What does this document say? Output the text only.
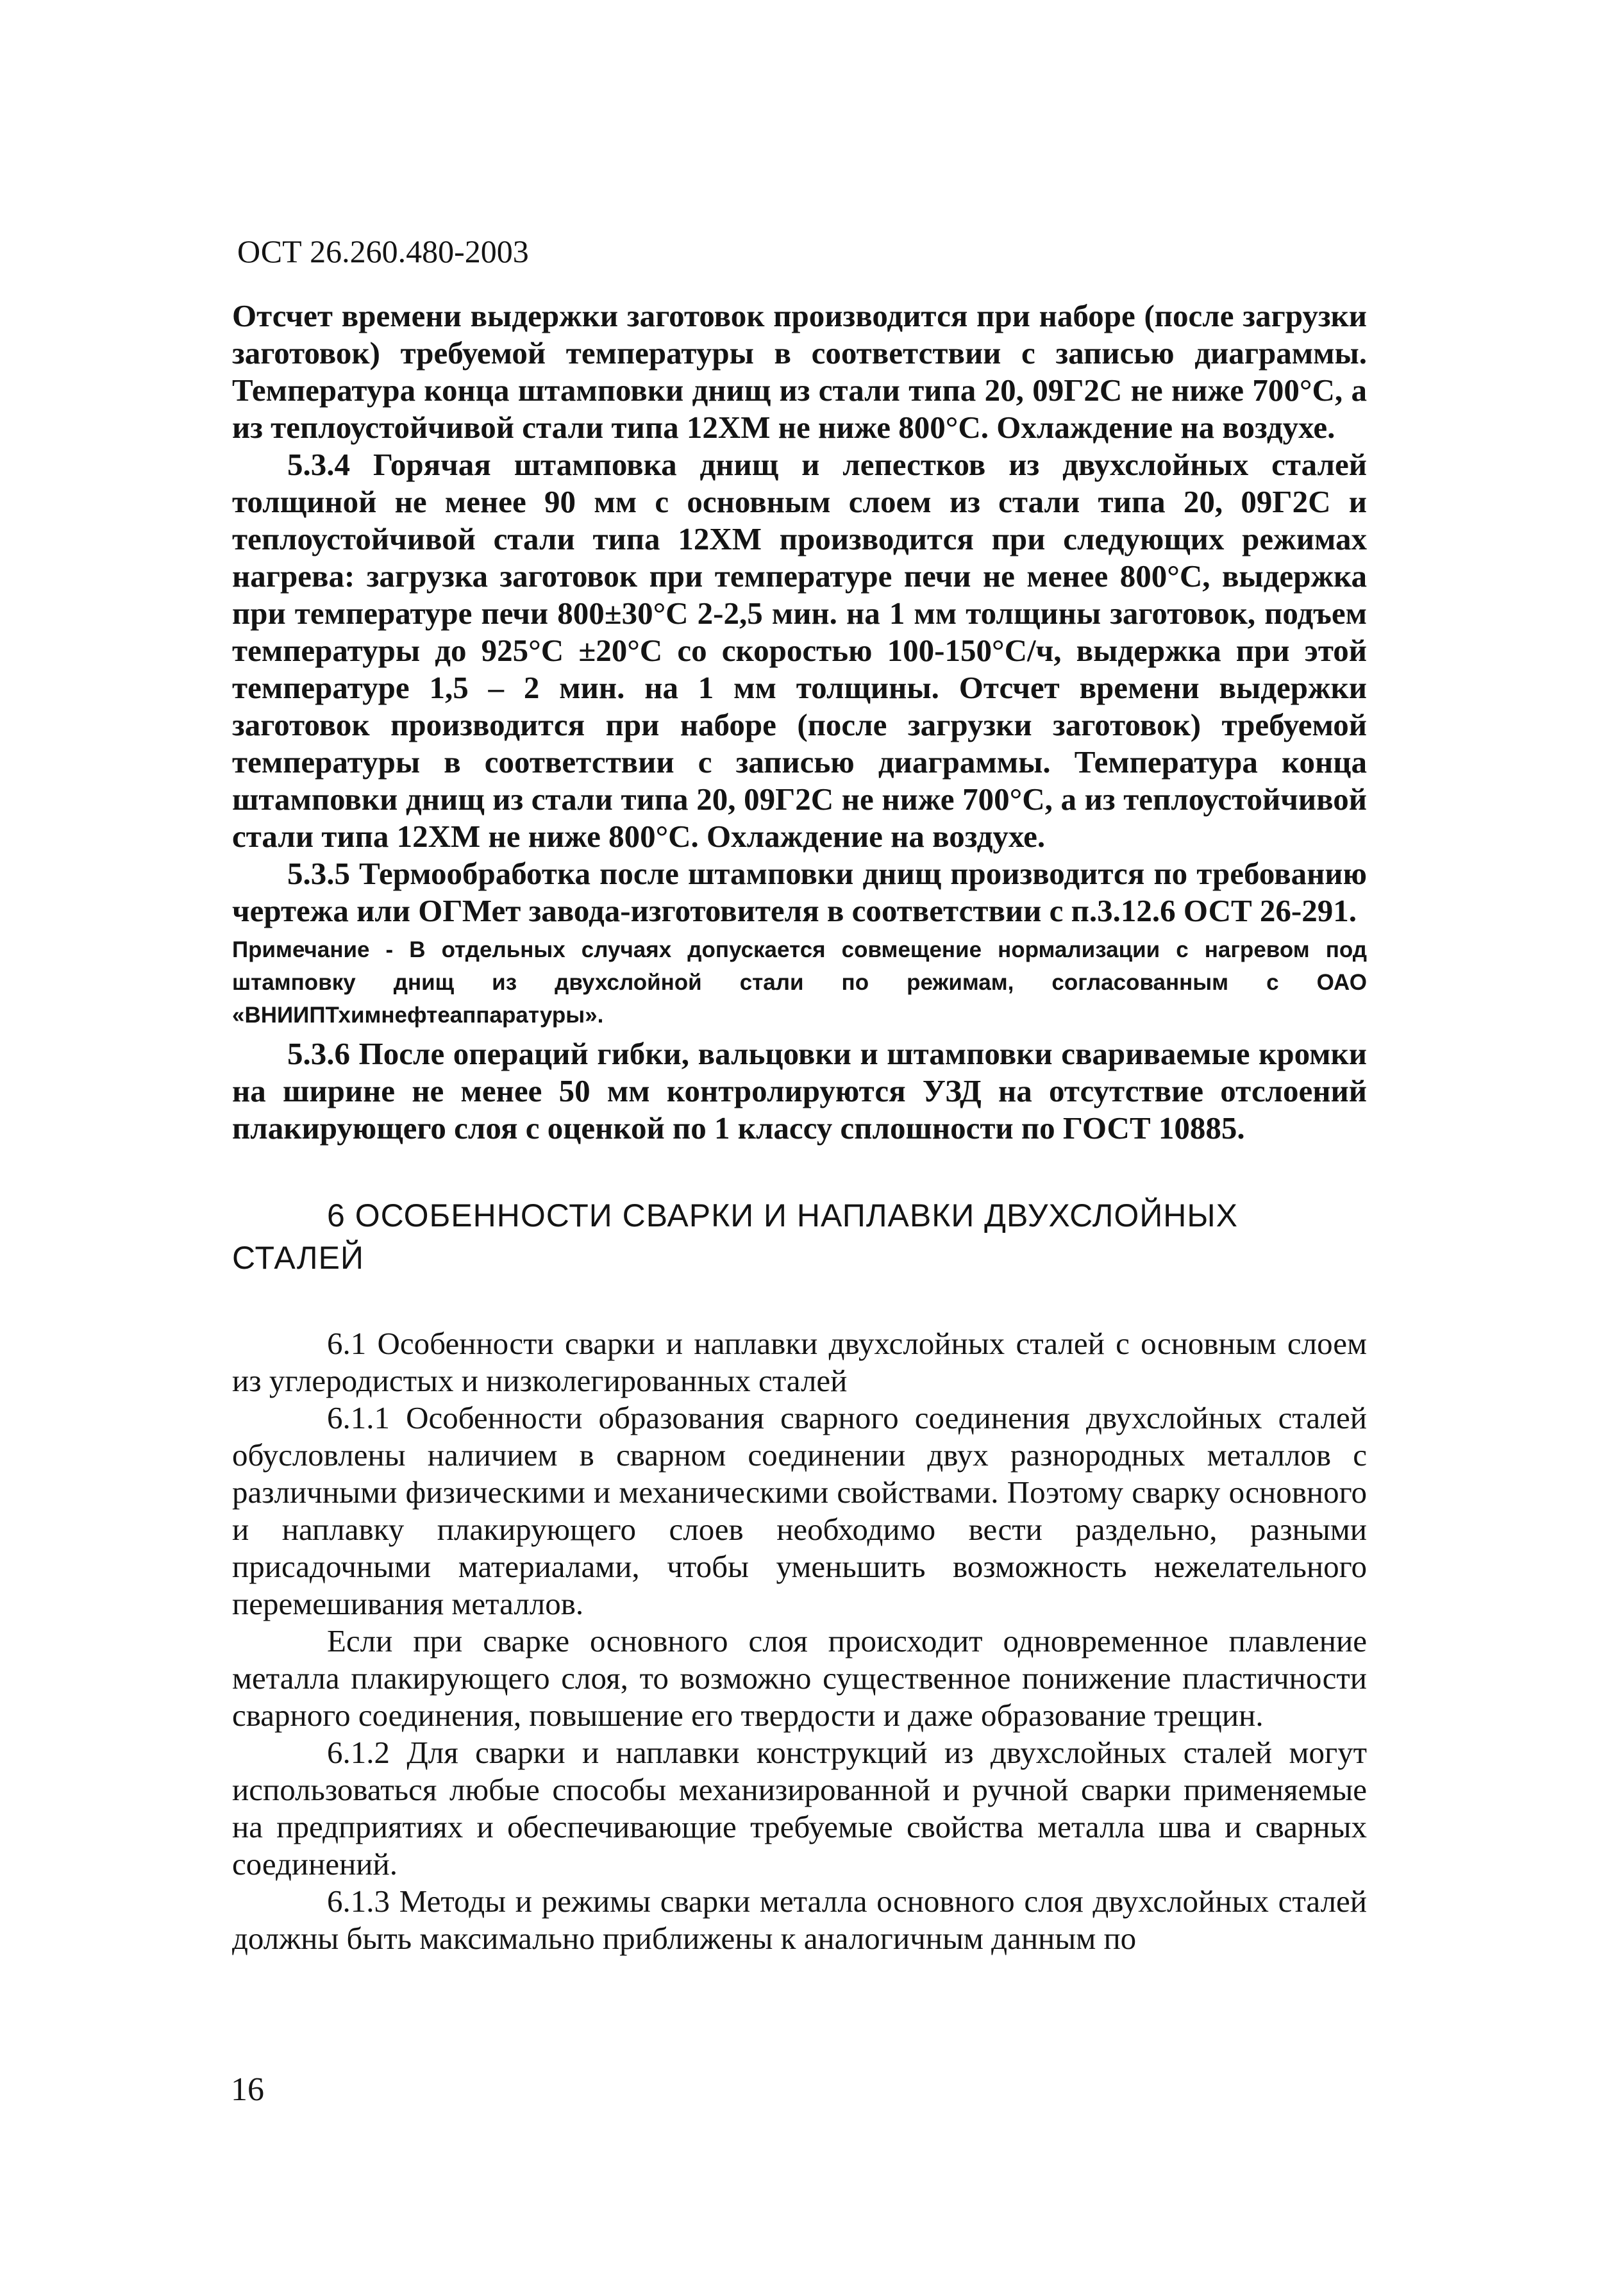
ОСТ 26.260.480-2003

Отсчет времени выдержки заготовок производится при наборе (после загрузки заготовок) требуемой температуры в соответствии с записью диаграммы. Температура конца штамповки днищ из стали типа 20, 09Г2С не ниже 700°С, а из теплоустойчивой стали типа 12ХМ не ниже 800°С. Охлаждение на воздухе.

5.3.4 Горячая штамповка днищ и лепестков из двухслойных сталей толщиной не менее 90 мм с основным слоем из стали типа 20, 09Г2С и теплоустойчивой стали типа 12ХМ производится при следующих режимах нагрева: загрузка заготовок при температуре печи не менее 800°С, выдержка при температуре печи 800±30°С 2-2,5 мин. на 1 мм толщины заготовок, подъем температуры до 925°С ±20°С со скоростью 100-150°С/ч, выдержка при этой температуре 1,5 – 2 мин. на 1 мм толщины. Отсчет времени выдержки заготовок производится при наборе (после загрузки заготовок) требуемой температуры в соответствии с записью диаграммы. Температура конца штамповки днищ из стали типа 20, 09Г2С не ниже 700°С, а из теплоустойчивой стали типа 12ХМ не ниже 800°С. Охлаждение на воздухе.

5.3.5 Термообработка после штамповки днищ производится по требованию чертежа или ОГМет завода-изготовителя в соответствии с п.3.12.6 ОСТ 26-291.

Примечание - В отдельных случаях допускается совмещение нормализации с нагревом под штамповку днищ из двухслойной стали по режимам, согласованным с ОАО «ВНИИПТхимнефтеаппаратуры».

5.3.6 После операций гибки, вальцовки и штамповки свариваемые кромки на ширине не менее 50 мм контролируются УЗД на отсутствие отслоений плакирующего слоя с оценкой по 1 классу сплошности по ГОСТ 10885.

6 ОСОБЕННОСТИ СВАРКИ И НАПЛАВКИ ДВУХСЛОЙНЫХ СТАЛЕЙ

6.1 Особенности сварки и наплавки двухслойных сталей с основным слоем из углеродистых и низколегированных сталей

6.1.1 Особенности образования сварного соединения двухслойных сталей обусловлены наличием в сварном соединении двух разнородных металлов с различными физическими и механическими свойствами. Поэтому сварку основного и наплавку плакирующего слоев необходимо вести раздельно, разными присадочными материалами, чтобы уменьшить возможность нежелательного перемешивания металлов.

Если при сварке основного слоя происходит одновременное плавление металла плакирующего слоя, то возможно существенное понижение пластичности сварного соединения, повышение его твердости и даже образование трещин.

6.1.2 Для сварки и наплавки конструкций из двухслойных сталей могут использоваться любые способы механизированной и ручной сварки применяемые на предприятиях и обеспечивающие требуемые свойства металла шва и сварных соединений.

6.1.3 Методы и режимы сварки металла основного слоя двухслойных сталей должны быть максимально приближены к аналогичным данным по

16
